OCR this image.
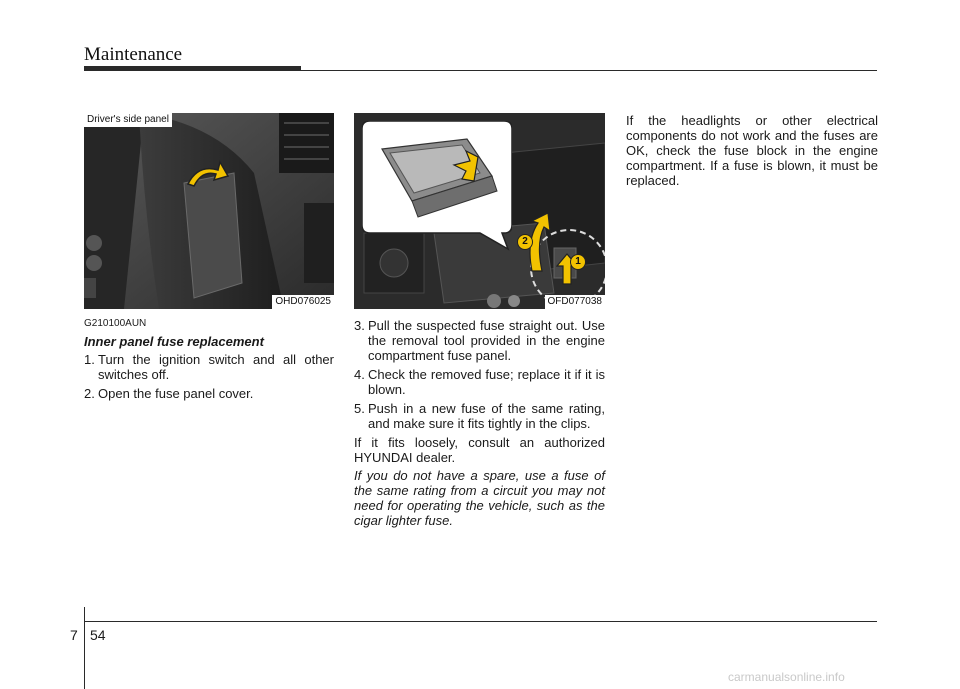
Maintenance
Driver's side panel
OHD076025
2
1
OFD077038

G210100AUN

Inner panel fuse replacement

1. Turn the ignition switch and all other switches off.

2. Open the fuse panel cover.

3. Pull the suspected fuse straight out. Use the removal tool provided in the engine compartment fuse panel.

4. Check the removed fuse; replace it if it is blown.

5. Push in a new fuse of the same rating, and make sure it fits tightly in the clips.

If it fits loosely, consult an authorized HYUNDAI dealer.

If you do not have a spare, use a fuse of the same rating from a circuit you may not need for operating the vehicle, such as the cigar lighter fuse.

If the headlights or other electrical components do not work and the fuses are OK, check the fuse block in the engine compartment. If a fuse is blown, it must be replaced.

7 54
carmanualsonline.info
